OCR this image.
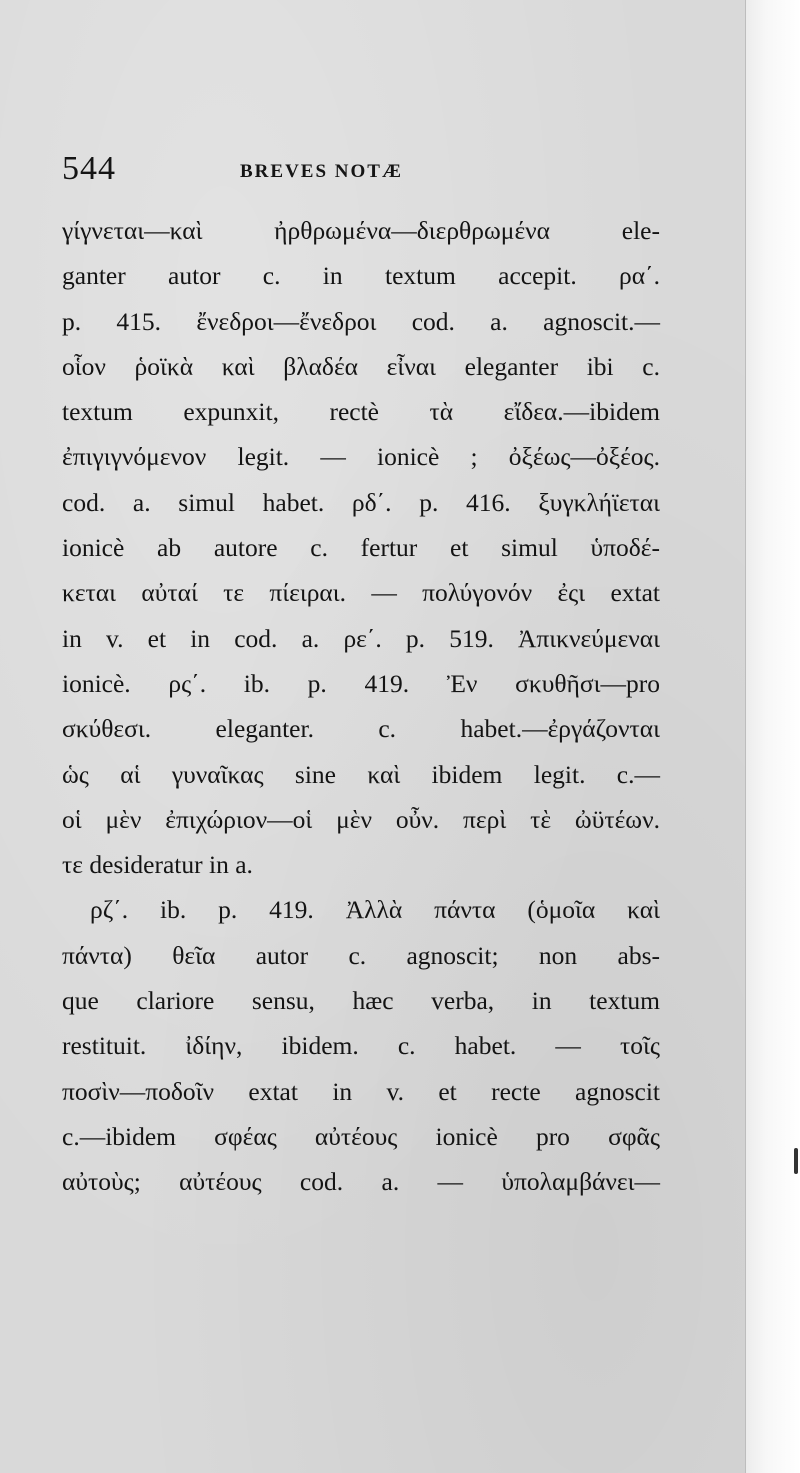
544	BREVES NOTÆ
γίγνεται—καὶ ἠρθρωμένα—διερθρωμένα ele-
ganter autor c. in textum accepit. ρα΄.
p. 415. ἔνεδροι—ἔνεδροι cod. a. agnoscit.—
οἷον ῥοϊκὰ καὶ βλαδέα εἶναι eleganter ibi c.
textum expunxit, rectè τὰ εἴδεα.—ibidem
ἐπιγιγνόμενον legit. — ionicè ; ὀξέως—ὀξέος.
cod. a. simul habet. ρδ΄. p. 416. ξυγκλήϊεται
ionicè ab autore c. fertur et simul ὑποδέ-
κεται αὐταί τε πίειραι. — πολύγονόν ἐςι extat
in v. et in cod. a. ρε΄. p. 519. Ἀπικνεύμεναι
ionicè. ρς΄. ib. p. 419. Ἐν σκυθῆσι—pro
σκύθεσι. eleganter. c. habet.—ἐργάζονται
ὡς αἱ γυναῖκας sine καὶ ibidem legit. c.—
οἱ μὲν ἐπιχώριον—οἱ μὲν οὖν. περὶ τὲ ὠϋτέων.
τε desideratur in a.
ρζ΄. ib. p. 419. Ἀλλὰ πάντα (ὁμοῖα καὶ
πάντα) θεῖα autor c. agnoscit; non abs-
que clariore sensu, hæc verba, in textum
restituit. ἰδίην, ibidem. c. habet. — τοῖς
ποσὶν—ποδοῖν extat in v. et recte agnoscit
c.—ibidem σφέας αὐτέους ionicè pro σφᾶς
αὐτοὺς; αὐτέους cod. a. — ὑπολαμβάνει—
